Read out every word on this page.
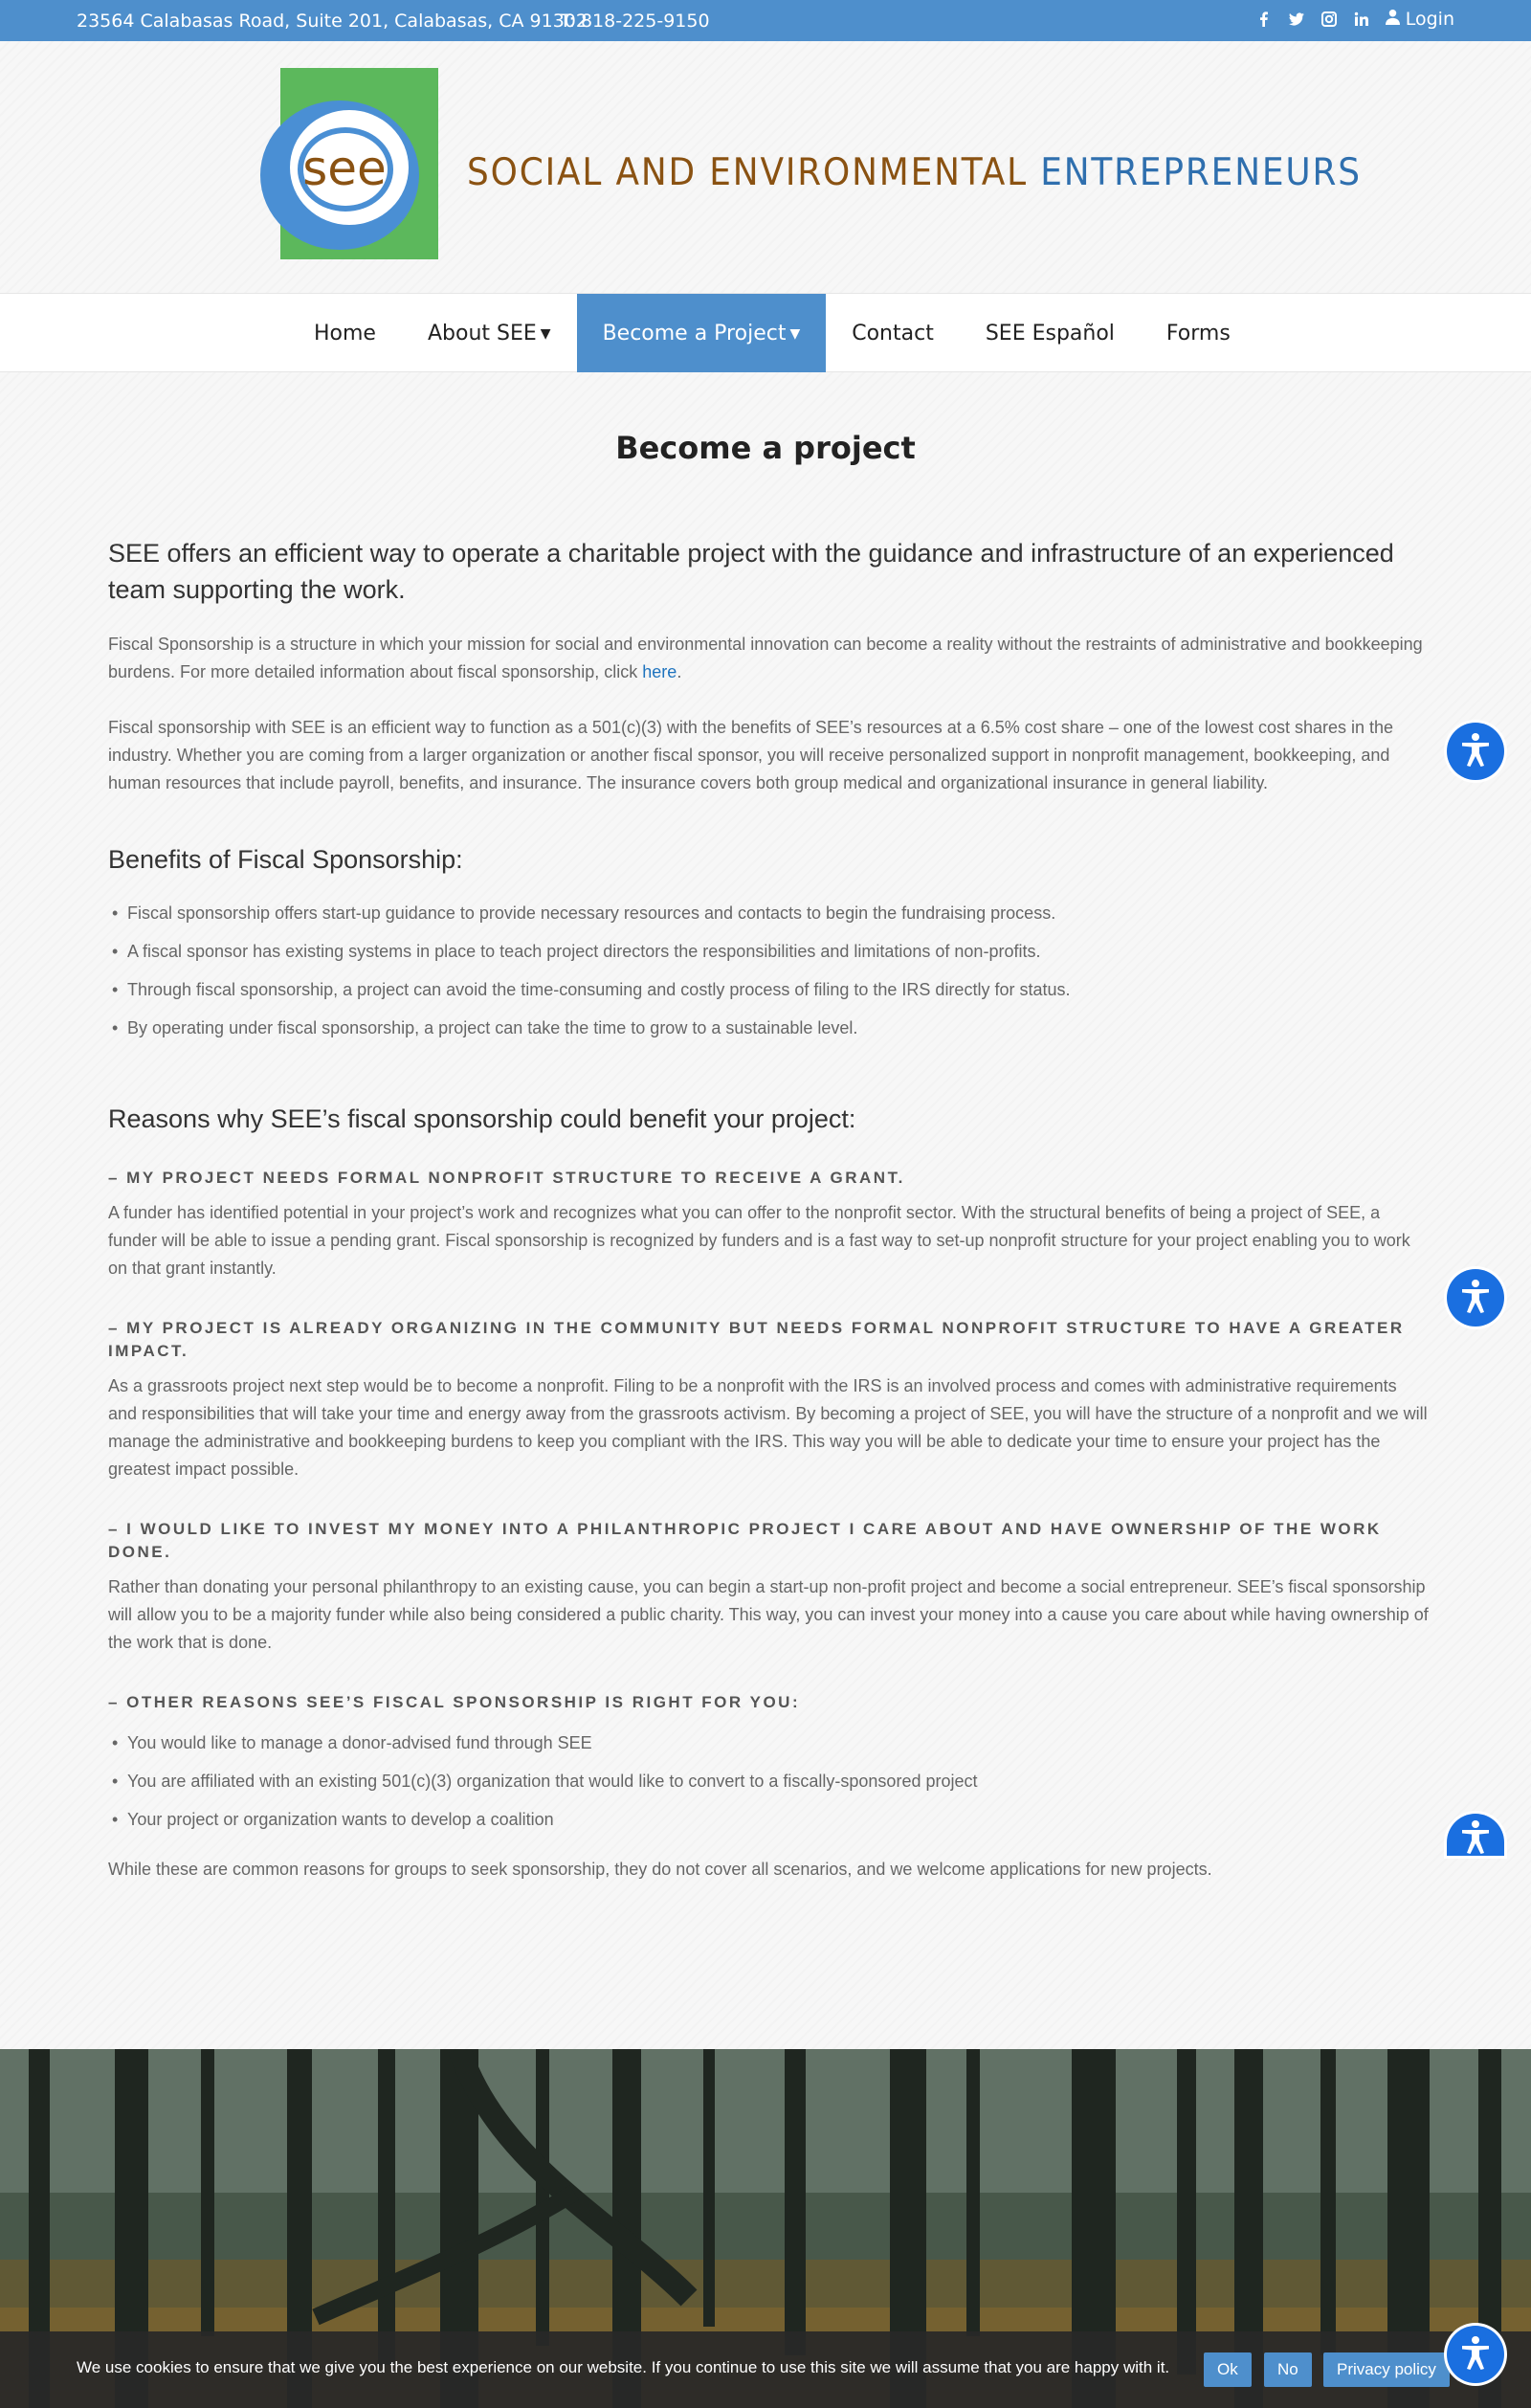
23564 Calabasas Road, Suite 201, Calabasas, CA 91302
T: 818-225-9150	Login
see SOCIAL AND ENVIRONMENTAL ENTREPRENEURS
Home	About SEE ▼	Become a Project ▼	Contact	SEE Español	Forms
Become a project

SEE offers an efficient way to operate a charitable project with the guidance and infrastructure of an experienced team supporting the work.

Fiscal Sponsorship is a structure in which your mission for social and environmental innovation can become a reality without the restraints of administrative and bookkeeping burdens. For more detailed information about fiscal sponsorship, click here.

Fiscal sponsorship with SEE is an efficient way to function as a 501(c)(3) with the benefits of SEE’s resources at a 6.5% cost share – one of the lowest cost shares in the industry. Whether you are coming from a larger organization or another fiscal sponsor, you will receive personalized support in nonprofit management, bookkeeping, and human resources that include payroll, benefits, and insurance. The insurance covers both group medical and organizational insurance in general liability.

Benefits of Fiscal Sponsorship:
• Fiscal sponsorship offers start-up guidance to provide necessary resources and contacts to begin the fundraising process.
• A fiscal sponsor has existing systems in place to teach project directors the responsibilities and limitations of non-profits.
• Through fiscal sponsorship, a project can avoid the time-consuming and costly process of filing to the IRS directly for status.
• By operating under fiscal sponsorship, a project can take the time to grow to a sustainable level.
Reasons why SEE’s fiscal sponsorship could benefit your project:
– MY PROJECT NEEDS FORMAL NONPROFIT STRUCTURE TO RECEIVE A GRANT.

A funder has identified potential in your project’s work and recognizes what you can offer to the nonprofit sector. With the structural benefits of being a project of SEE, a funder will be able to issue a pending grant. Fiscal sponsorship is recognized by funders and is a fast way to set-up nonprofit structure for your project enabling you to work on that grant instantly.

– MY PROJECT IS ALREADY ORGANIZING IN THE COMMUNITY BUT NEEDS FORMAL NONPROFIT STRUCTURE TO HAVE A GREATER IMPACT.

As a grassroots project next step would be to become a nonprofit. Filing to be a nonprofit with the IRS is an involved process and comes with administrative requirements and responsibilities that will take your time and energy away from the grassroots activism. By becoming a project of SEE, you will have the structure of a nonprofit and we will manage the administrative and bookkeeping burdens to keep you compliant with the IRS. This way you will be able to dedicate your time to ensure your project has the greatest impact possible.

– I WOULD LIKE TO INVEST MY MONEY INTO A PHILANTHROPIC PROJECT I CARE ABOUT AND HAVE OWNERSHIP OF THE WORK DONE.

Rather than donating your personal philanthropy to an existing cause, you can begin a start-up non-profit project and become a social entrepreneur. SEE’s fiscal sponsorship will allow you to be a majority funder while also being considered a public charity. This way, you can invest your money into a cause you care about while having ownership of the work that is done.

– OTHER REASONS SEE’S FISCAL SPONSORSHIP IS RIGHT FOR YOU:
• You would like to manage a donor-advised fund through SEE
• You are affiliated with an existing 501(c)(3) organization that would like to convert to a fiscally-sponsored project
• Your project or organization wants to develop a coalition

While these are common reasons for groups to seek sponsorship, they do not cover all scenarios, and we welcome applications for new projects.

We use cookies to ensure that we give you the best experience on our website. If you continue to use this site we will assume that you are happy with it.	Ok	No	Privacy policy
